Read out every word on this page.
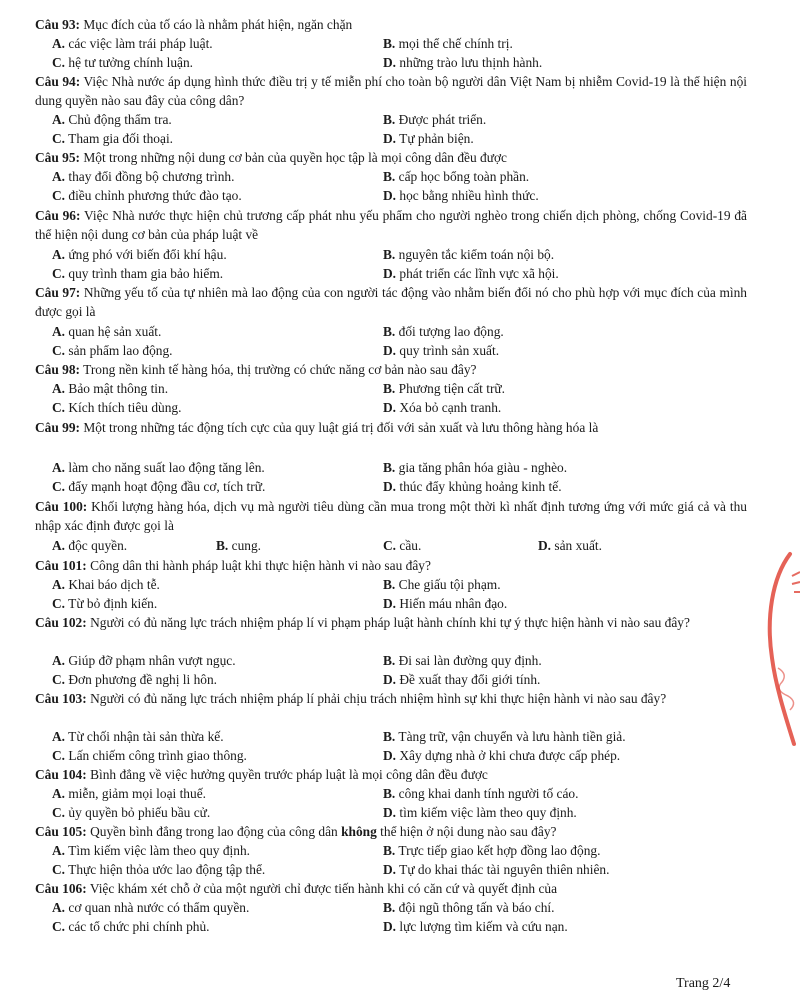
Câu 93: Mục đích của tố cáo là nhằm phát hiện, ngăn chặn
A. các việc làm trái pháp luật.	B. mọi thể chế chính trị.
C. hệ tư tưởng chính luận.	D. những trào lưu thịnh hành.
Câu 94: Việc Nhà nước áp dụng hình thức điều trị y tế miễn phí cho toàn bộ người dân Việt Nam bị nhiễm Covid-19 là thể hiện nội dung quyền nào sau đây của công dân?
A. Chủ động thẩm tra.	B. Được phát triển.
C. Tham gia đối thoại.	D. Tự phản biện.
Câu 95: Một trong những nội dung cơ bản của quyền học tập là mọi công dân đều được
A. thay đổi đồng bộ chương trình.	B. cấp học bổng toàn phần.
C. điều chỉnh phương thức đào tạo.	D. học bằng nhiều hình thức.
Câu 96: Việc Nhà nước thực hiện chủ trương cấp phát nhu yếu phẩm cho người nghèo trong chiến dịch phòng, chống Covid-19 đã thể hiện nội dung cơ bản của pháp luật về
A. ứng phó với biến đổi khí hậu.	B. nguyên tắc kiểm toán nội bộ.
C. quy trình tham gia bảo hiểm.	D. phát triển các lĩnh vực xã hội.
Câu 97: Những yếu tố của tự nhiên mà lao động của con người tác động vào nhằm biến đổi nó cho phù hợp với mục đích của mình được gọi là
A. quan hệ sản xuất.	B. đối tượng lao động.
C. sản phẩm lao động.	D. quy trình sản xuất.
Câu 98: Trong nền kinh tế hàng hóa, thị trường có chức năng cơ bản nào sau đây?
A. Bảo mật thông tin.	B. Phương tiện cất trữ.
C. Kích thích tiêu dùng.	D. Xóa bỏ cạnh tranh.
Câu 99: Một trong những tác động tích cực của quy luật giá trị đối với sản xuất và lưu thông hàng hóa là
A. làm cho năng suất lao động tăng lên.	B. gia tăng phân hóa giàu - nghèo.
C. đẩy mạnh hoạt động đầu cơ, tích trữ.	D. thúc đẩy khủng hoảng kinh tế.
Câu 100: Khối lượng hàng hóa, dịch vụ mà người tiêu dùng cần mua trong một thời kì nhất định tương ứng với mức giá cả và thu nhập xác định được gọi là
A. độc quyền.	B. cung.	C. cầu.	D. sản xuất.
Câu 101: Công dân thi hành pháp luật khi thực hiện hành vi nào sau đây?
A. Khai báo dịch tễ.	B. Che giấu tội phạm.
C. Từ bỏ định kiến.	D. Hiến máu nhân đạo.
Câu 102: Người có đủ năng lực trách nhiệm pháp lí vi phạm pháp luật hành chính khi tự ý thực hiện hành vi nào sau đây?
A. Giúp đỡ phạm nhân vượt ngục.	B. Đi sai làn đường quy định.
C. Đơn phương đề nghị li hôn.	D. Đề xuất thay đổi giới tính.
Câu 103: Người có đủ năng lực trách nhiệm pháp lí phải chịu trách nhiệm hình sự khi thực hiện hành vi nào sau đây?
A. Từ chối nhận tài sản thừa kế.	B. Tàng trữ, vận chuyển và lưu hành tiền giả.
C. Lấn chiếm công trình giao thông.	D. Xây dựng nhà ở khi chưa được cấp phép.
Câu 104: Bình đẳng về việc hưởng quyền trước pháp luật là mọi công dân đều được
A. miễn, giảm mọi loại thuế.	B. công khai danh tính người tố cáo.
C. ủy quyền bỏ phiếu bầu cử.	D. tìm kiếm việc làm theo quy định.
Câu 105: Quyền bình đẳng trong lao động của công dân không thể hiện ở nội dung nào sau đây?
A. Tìm kiếm việc làm theo quy định.	B. Trực tiếp giao kết hợp đồng lao động.
C. Thực hiện thỏa ước lao động tập thể.	D. Tự do khai thác tài nguyên thiên nhiên.
Câu 106: Việc khám xét chỗ ở của một người chỉ được tiến hành khi có căn cứ và quyết định của
A. cơ quan nhà nước có thẩm quyền.	B. đội ngũ thông tấn và báo chí.
C. các tổ chức phi chính phủ.	D. lực lượng tìm kiếm và cứu nạn.
Trang 2/4
